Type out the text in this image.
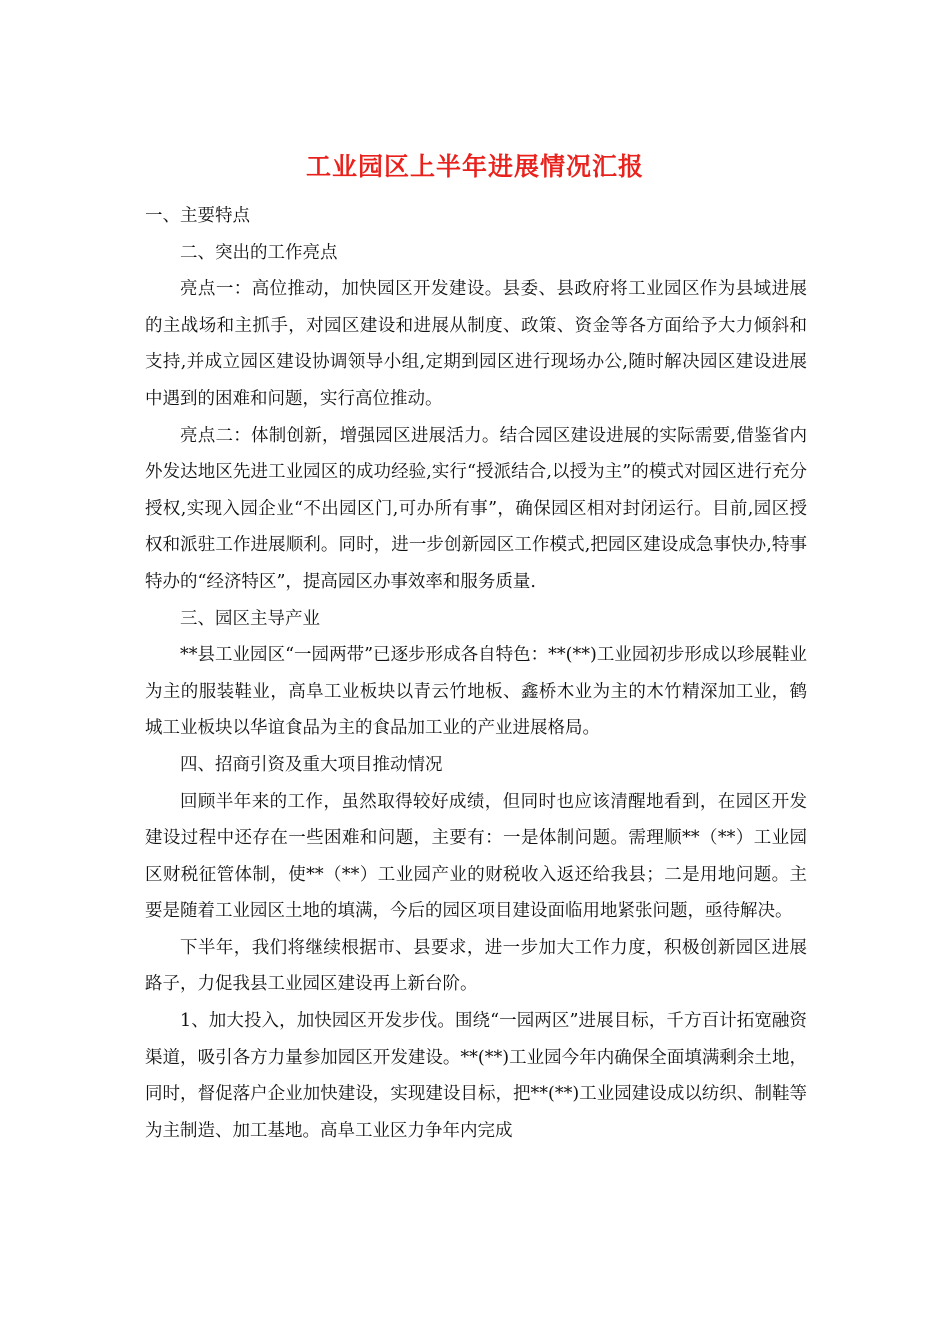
工业园区上半年进展情况汇报

一、主要特点

二、突出的工作亮点

亮点一：高位推动，加快园区开发建设。县委、县政府将工业园区作为县域进展的主战场和主抓手，对园区建设和进展从制度、政策、资金等各方面给予大力倾斜和支持,并成立园区建设协调领导小组,定期到园区进行现场办公,随时解决园区建设进展中遇到的困难和问题，实行高位推动。

亮点二：体制创新，增强园区进展活力。结合园区建设进展的实际需要,借鉴省内外发达地区先进工业园区的成功经验,实行“授派结合,以授为主”的模式对园区进行充分授权,实现入园企业“不出园区门,可办所有事”，确保园区相对封闭运行。目前,园区授权和派驻工作进展顺利。同时，进一步创新园区工作模式,把园区建设成急事快办,特事特办的“经济特区”，提高园区办事效率和服务质量.

三、园区主导产业

**县工业园区“一园两带”已逐步形成各自特色：**(**)工业园初步形成以珍展鞋业为主的服装鞋业，高阜工业板块以青云竹地板、鑫桥木业为主的木竹精深加工业，鹤城工业板块以华谊食品为主的食品加工业的产业进展格局。

四、招商引资及重大项目推动情况

回顾半年来的工作，虽然取得较好成绩，但同时也应该清醒地看到，在园区开发建设过程中还存在一些困难和问题，主要有：一是体制问题。需理顺**（**）工业园区财税征管体制，使**（**）工业园产业的财税收入返还给我县；二是用地问题。主要是随着工业园区土地的填满，今后的园区项目建设面临用地紧张问题，亟待解决。

下半年，我们将继续根据市、县要求，进一步加大工作力度，积极创新园区进展路子，力促我县工业园区建设再上新台阶。

1、加大投入，加快园区开发步伐。围绕“一园两区”进展目标，千方百计拓宽融资渠道，吸引各方力量参加园区开发建设。**(**)工业园今年内确保全面填满剩余土地，同时，督促落户企业加快建设，实现建设目标，把**(**)工业园建设成以纺织、制鞋等为主制造、加工基地。高阜工业区力争年内完成
